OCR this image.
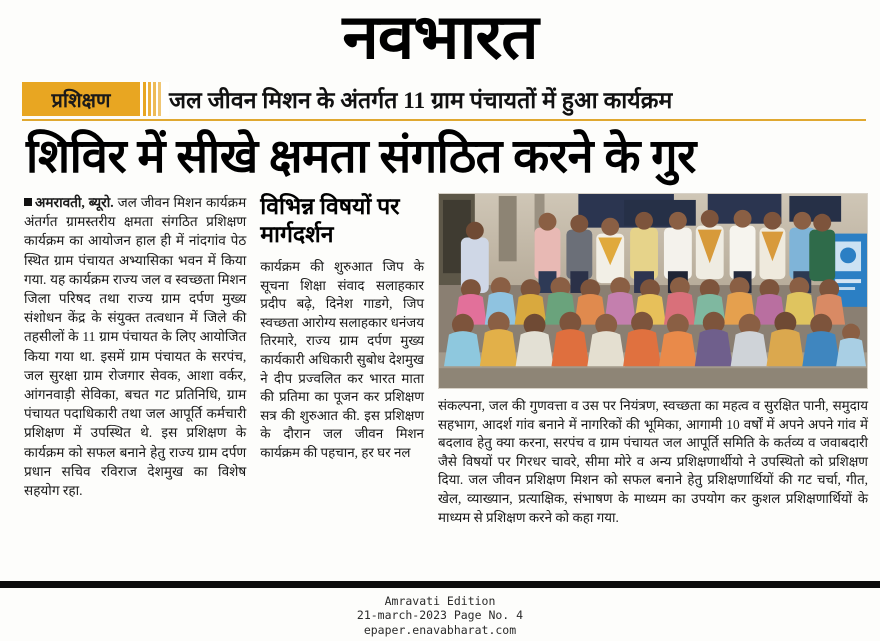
नवभारत
प्रशिक्षण	जल जीवन मिशन के अंतर्गत 11 ग्राम पंचायतों में हुआ कार्यक्रम
शिविर में सीखे क्षमता संगठित करने के गुर

अमरावती, ब्यूरो. जल जीवन मिशन कार्यक्रम अंतर्गत ग्रामस्तरीय क्षमता संगठित प्रशिक्षण कार्यक्रम का आयोजन हाल ही में नांदगांव पेठ स्थित ग्राम पंचायत अभ्यासिका भवन में किया गया. यह कार्यक्रम राज्य जल व स्वच्छता मिशन जिला परिषद तथा राज्य ग्राम दर्पण मुख्य संशोधन केंद्र के संयुक्त तत्वधान में जिले की तहसीलों के 11 ग्राम पंचायत के लिए आयोजित किया गया था. इसमें ग्राम पंचायत के सरपंच, जल सुरक्षा ग्राम रोजगार सेवक, आशा वर्कर, आंगनवाड़ी सेविका, बचत गट प्रतिनिधि, ग्राम पंचायत पदाधिकारी तथा जल आपूर्ति कर्मचारी प्रशिक्षण में उपस्थित थे. इस प्रशिक्षण के कार्यक्रम को सफल बनाने हेतु राज्य ग्राम दर्पण प्रधान सचिव रविराज देशमुख का विशेष सहयोग रहा.

विभिन्न विषयों पर मार्गदर्शन

कार्यक्रम की शुरुआत जिप के सूचना शिक्षा संवाद सलाहकार प्रदीप बढ़े, दिनेश गाडगे, जिप स्वच्छता आरोग्य सलाहकार धनंजय तिरमारे, राज्य ग्राम दर्पण मुख्य कार्यकारी अधिकारी सुबोध देशमुख ने दीप प्रज्वलित कर भारत माता की प्रतिमा का पूजन कर प्रशिक्षण सत्र की शुरुआत की. इस प्रशिक्षण के दौरान जल जीवन मिशन कार्यक्रम की पहचान, हर घर नल

संकल्पना, जल की गुणवत्ता व उस पर नियंत्रण, स्वच्छता का महत्व व सुरक्षित पानी, समुदाय सहभाग, आदर्श गांव बनाने में नागरिकों की भूमिका, आगामी 10 वर्षों में अपने अपने गांव में बदलाव हेतु क्या करना, सरपंच व ग्राम पंचायत जल आपूर्ति समिति के कर्तव्य व जवाबदारी जैसे विषयों पर गिरधर चावरे, सीमा मोरे व अन्य प्रशिक्षणार्थीयो ने उपस्थितो को प्रशिक्षण दिया. जल जीवन प्रशिक्षण मिशन को सफल बनाने हेतु प्रशिक्षणार्थियों की गट चर्चा, गीत, खेल, व्याख्यान, प्रत्याक्षिक, संभाषण के माध्यम का उपयोग कर कुशल प्रशिक्षणार्थियों के माध्यम से प्रशिक्षण करने को कहा गया.

Amravati Edition
21-march-2023 Page No. 4
epaper.enavabharat.com
